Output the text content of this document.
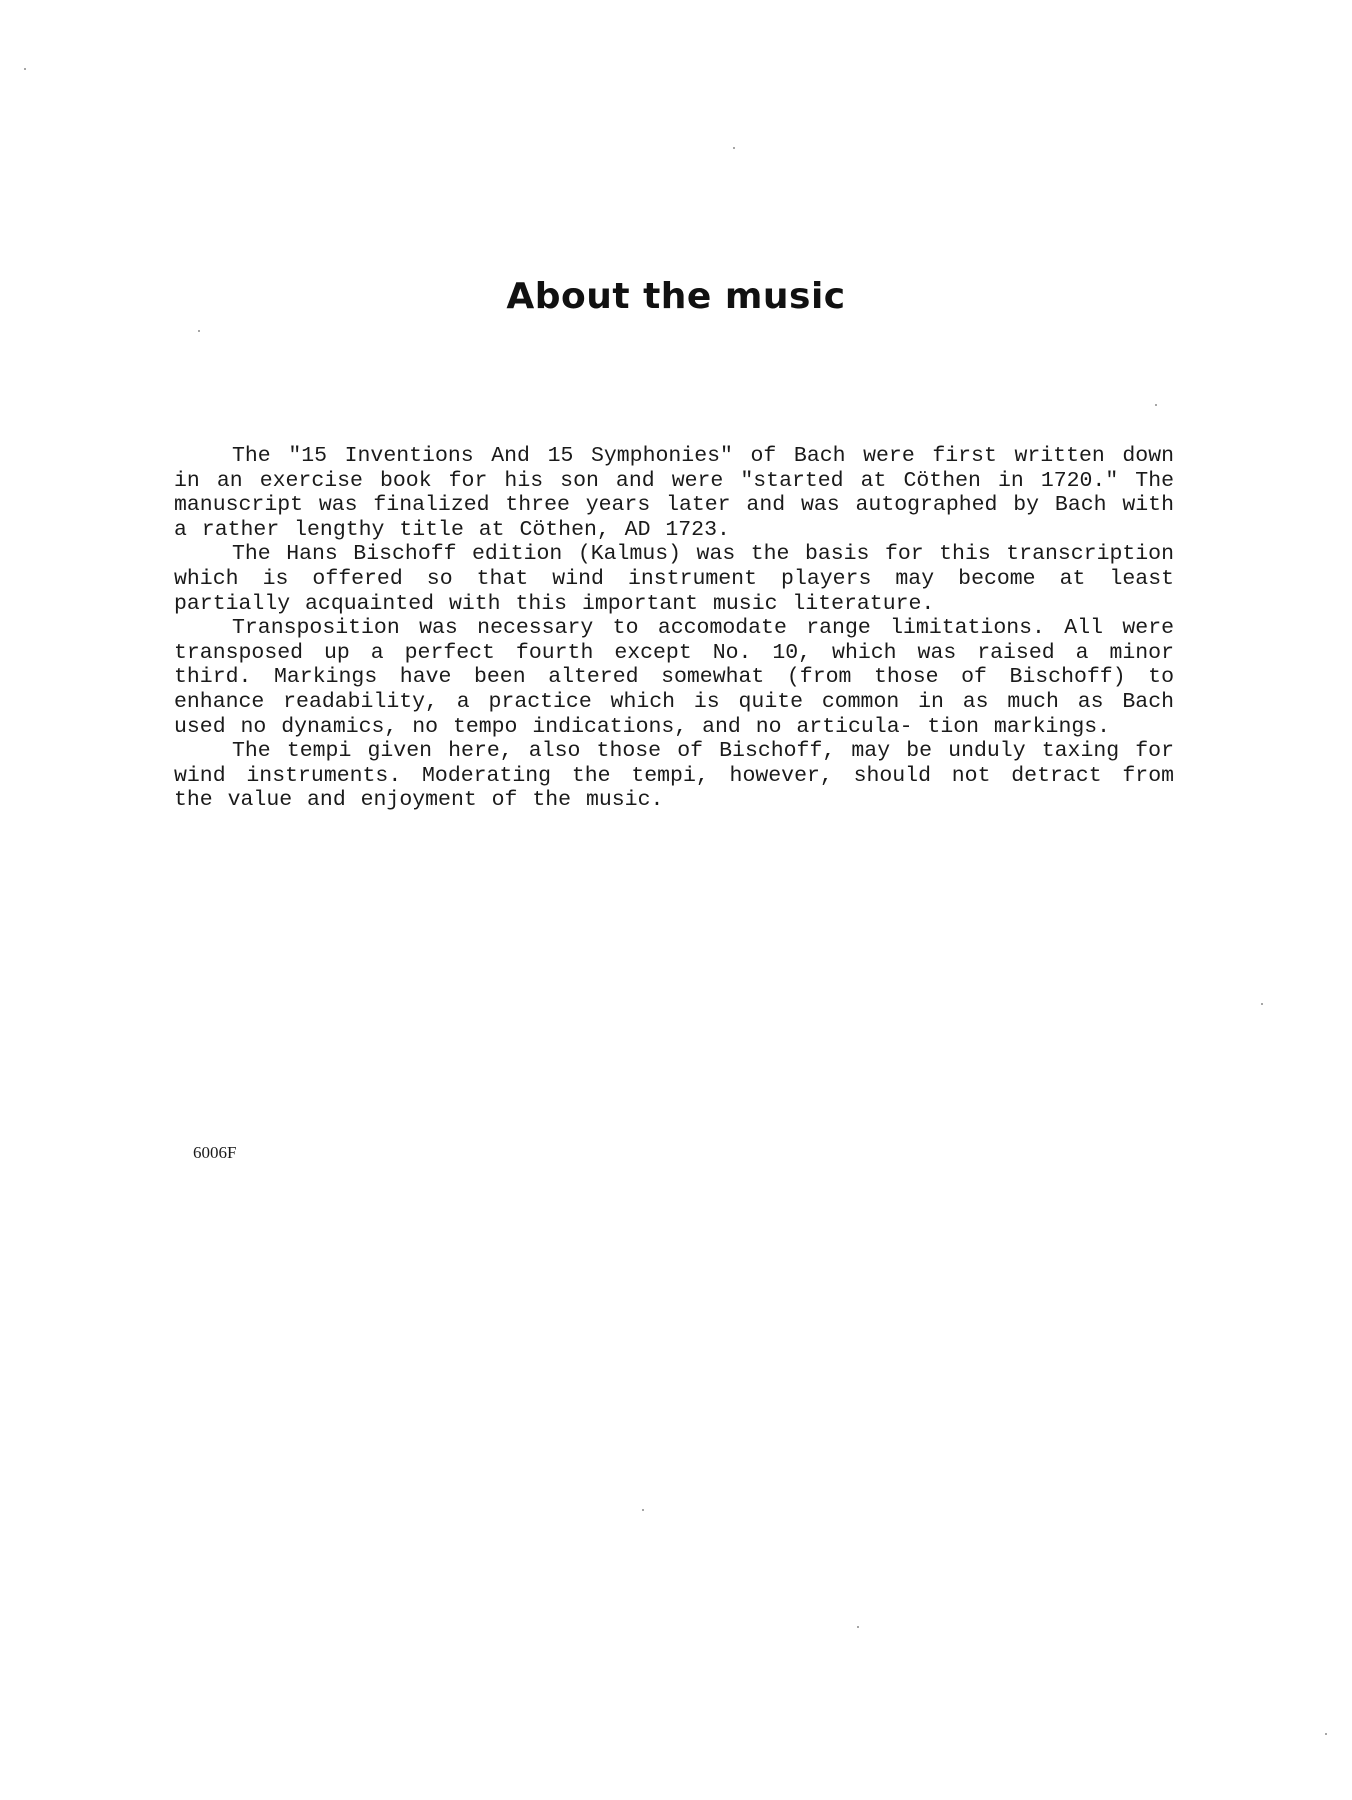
About the music

The "15 Inventions And 15 Symphonies" of Bach were first written down in an exercise book for his son and were "started at Cöthen in 1720." The manuscript was finalized three years later and was autographed by Bach with a rather lengthy title at Cöthen, AD 1723.

The Hans Bischoff edition (Kalmus) was the basis for this transcription which is offered so that wind instrument players may become at least partially acquainted with this important music literature.

Transposition was necessary to accomodate range limitations. All were transposed up a perfect fourth except No. 10, which was raised a minor third. Markings have been altered somewhat (from those of Bischoff) to enhance readability, a practice which is quite common in as much as Bach used no dynamics, no tempo indications, and no articula- tion markings.

The tempi given here, also those of Bischoff, may be unduly taxing for wind instruments. Moderating the tempi, however, should not detract from the value and enjoyment of the music.

6006F
